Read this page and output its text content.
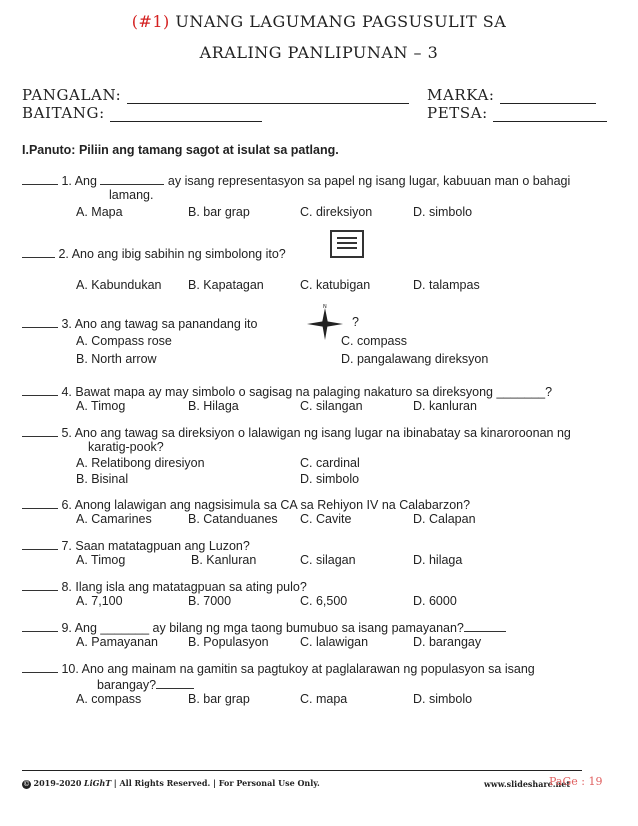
(#1) UNANG LAGUMANG PAGSUSULIT SA
ARALING PANLIPUNAN – 3
PANGALAN:
BAITANG:
MARKA:
PETSA:
I.Panuto: Piliin ang tamang sagot at isulat sa patlang.
1. Ang	ay isang representasyon sa papel ng isang lugar, kabuuan man o bahagi
lamang.
A. Mapa	B. bar grap	C. direksiyon	D. simbolo
2. Ano ang ibig sabihin ng simbolong ito?
A. Kabundukan B. Kapatagan	C. katubigan	D. talampas
3. Ano ang tawag sa panandang ito
N
?
A. Compass rose	C. compass
B. North arrow	D. pangalawang direksyon
4. Bawat mapa ay may simbolo o sagisag na palaging nakaturo sa direksyong _______?
A. Timog	B. Hilaga	C. silangan	D. kanluran
5. Ano ang tawag sa direksiyon o lalawigan ng isang lugar na ibinabatay sa kinaroroonan ng
karatig-pook?
A. Relatibong diresiyon	C. cardinal
B. Bisinal	D. simbolo
6. Anong lalawigan ang nagsisimula sa CA sa Rehiyon IV na Calabarzon?
A. Camarines	B. Catanduanes C. Cavite	D. Calapan
7. Saan matatagpuan ang Luzon?
A. Timog	B. Kanluran	C. silagan	D. hilaga
8. Ilang isla ang matatagpuan sa ating pulo?
A. 7,100	B. 7000	C. 6,500	D. 6000
9. Ang _______ ay bilang ng mga taong bumubuo sa isang pamayanan?
A. Pamayanan B. Populasyon	C. lalawigan	D. barangay
10. Ano ang mainam na gamitin sa pagtukoy at paglalarawan ng populasyon sa isang
barangay?
A. compass	B. bar grap	C. mapa	D. simbolo
© 2019-2020 LiGhT | All Rights Reserved. | For Personal Use Only.	www.slideshare.net
PaGe : 19
